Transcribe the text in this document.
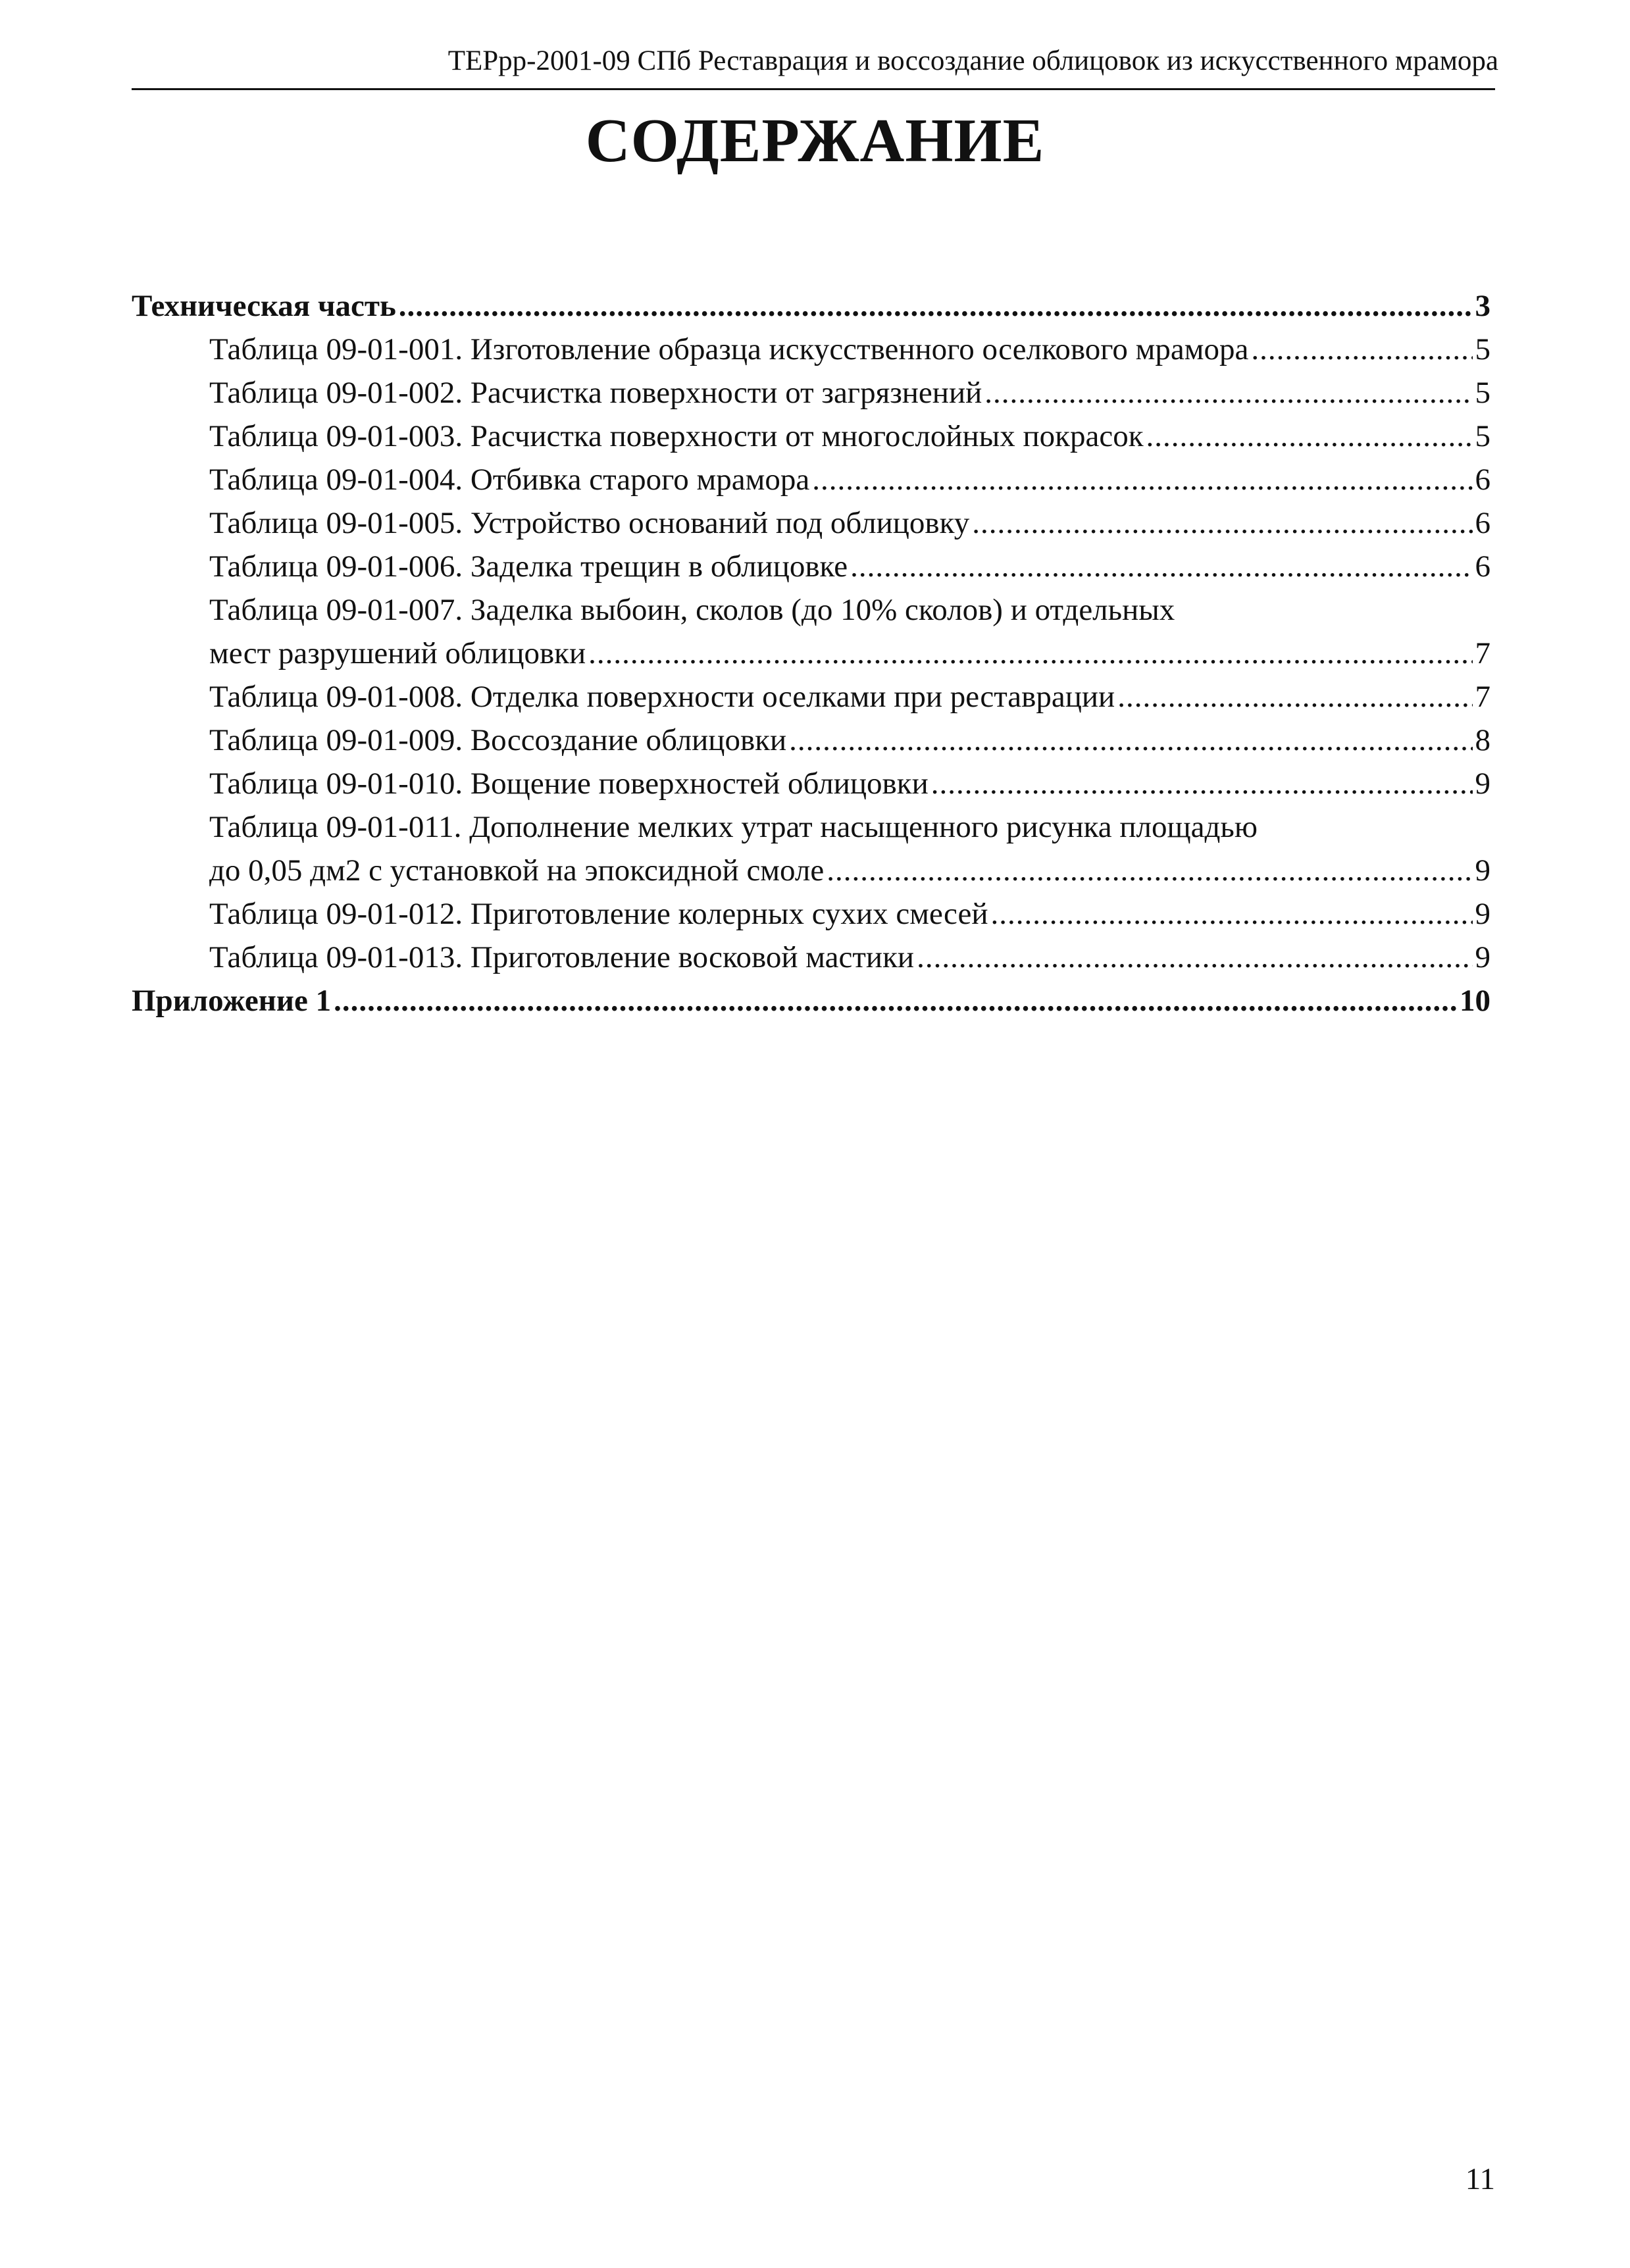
ТЕРрр-2001-09 СПб Реставрация и воссоздание облицовок из искусственного мрамора
СОДЕРЖАНИЕ
Техническая часть .....	3
Таблица 09-01-001. Изготовление образца искусственного оселкового мрамора .....	5
Таблица 09-01-002. Расчистка поверхности от загрязнений .....	5
Таблица 09-01-003. Расчистка поверхности от многослойных покрасок .....	5
Таблица 09-01-004. Отбивка старого мрамора .....	6
Таблица 09-01-005. Устройство оснований под облицовку .....	6
Таблица 09-01-006. Заделка трещин в облицовке .....	6
Таблица 09-01-007. Заделка выбоин, сколов (до 10% сколов) и отдельных
мест разрушений облицовки .....	7
Таблица 09-01-008. Отделка поверхности оселками при реставрации .....	7
Таблица 09-01-009. Воссоздание облицовки .....	8
Таблица 09-01-010. Вощение поверхностей облицовки .....	9
Таблица 09-01-011. Дополнение мелких утрат насыщенного рисунка площадью
до 0,05 дм2 с установкой на эпоксидной смоле .....	9
Таблица 09-01-012. Приготовление колерных сухих смесей .....	9
Таблица 09-01-013. Приготовление восковой мастики .....	9
Приложение 1 .....	10
11
